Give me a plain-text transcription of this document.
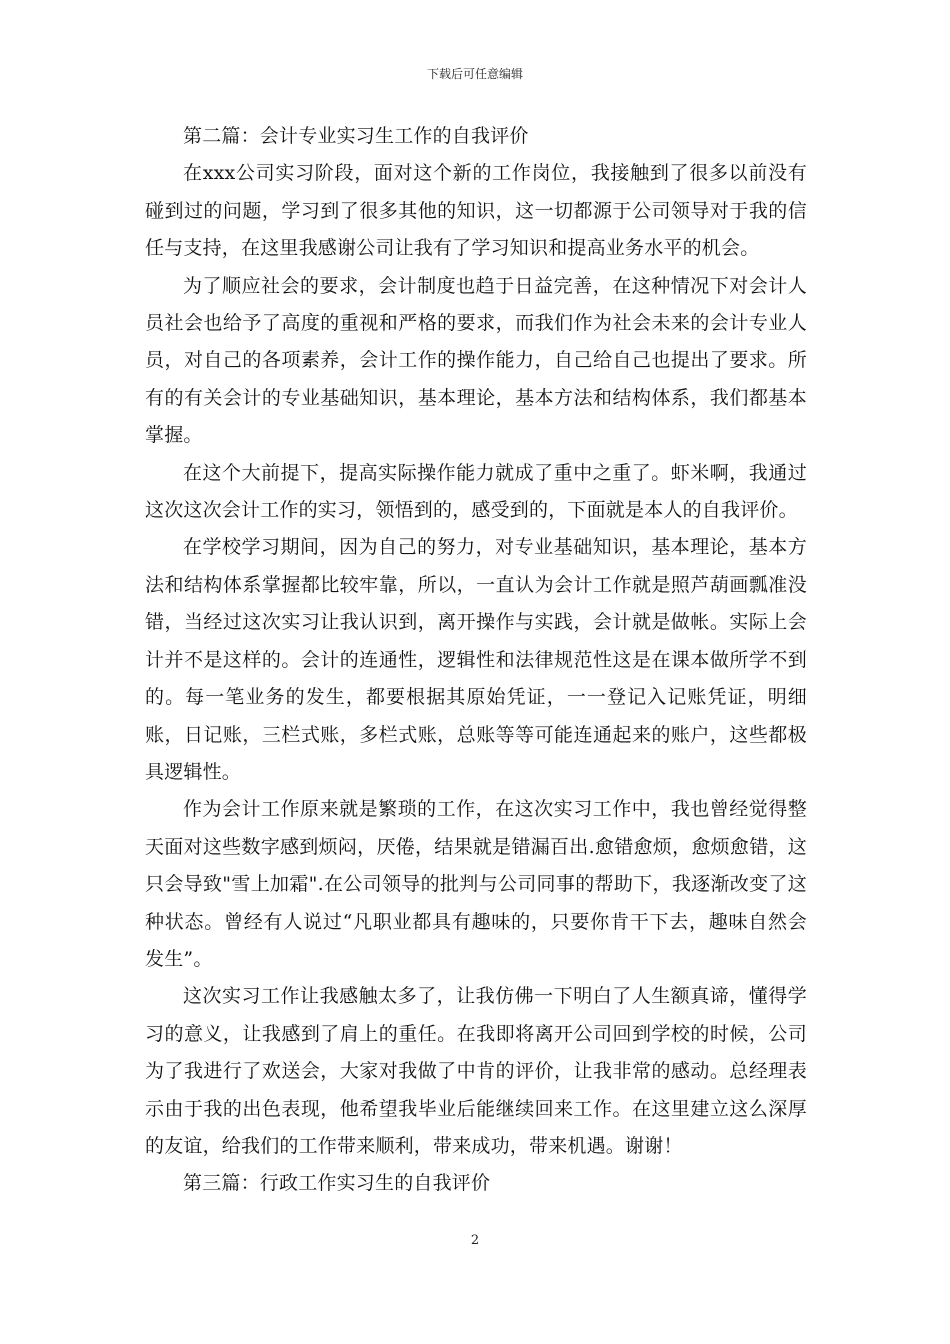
下载后可任意编辑

第二篇：会计专业实习生工作的自我评价

在xxx公司实习阶段，面对这个新的工作岗位，我接触到了很多以前没有碰到过的问题，学习到了很多其他的知识，这一切都源于公司领导对于我的信任与支持，在这里我感谢公司让我有了学习知识和提高业务水平的机会。

为了顺应社会的要求，会计制度也趋于日益完善，在这种情况下对会计人员社会也给予了高度的重视和严格的要求，而我们作为社会未来的会计专业人员，对自己的各项素养，会计工作的操作能力，自己给自己也提出了要求。所有的有关会计的专业基础知识，基本理论，基本方法和结构体系，我们都基本掌握。

在这个大前提下，提高实际操作能力就成了重中之重了。虾米啊，我通过这次这次会计工作的实习，领悟到的，感受到的，下面就是本人的自我评价。

在学校学习期间，因为自己的努力，对专业基础知识，基本理论，基本方法和结构体系掌握都比较牢靠，所以，一直认为会计工作就是照芦葫画瓢准没错，当经过这次实习让我认识到，离开操作与实践，会计就是做帐。实际上会计并不是这样的。会计的连通性，逻辑性和法律规范性这是在课本做所学不到的。每一笔业务的发生，都要根据其原始凭证，一一登记入记账凭证，明细账，日记账，三栏式账，多栏式账，总账等等可能连通起来的账户，这些都极具逻辑性。

作为会计工作原来就是繁琐的工作，在这次实习工作中，我也曾经觉得整天面对这些数字感到烦闷，厌倦，结果就是错漏百出.愈错愈烦，愈烦愈错，这只会导致"雪上加霜".在公司领导的批判与公司同事的帮助下，我逐渐改变了这种状态。曾经有人说过“凡职业都具有趣味的，只要你肯干下去，趣味自然会发生”。

这次实习工作让我感触太多了，让我仿佛一下明白了人生额真谛，懂得学习的意义，让我感到了肩上的重任。在我即将离开公司回到学校的时候，公司为了我进行了欢送会，大家对我做了中肯的评价，让我非常的感动。总经理表示由于我的出色表现，他希望我毕业后能继续回来工作。在这里建立这么深厚的友谊，给我们的工作带来顺利，带来成功，带来机遇。谢谢！

第三篇：行政工作实习生的自我评价

2
